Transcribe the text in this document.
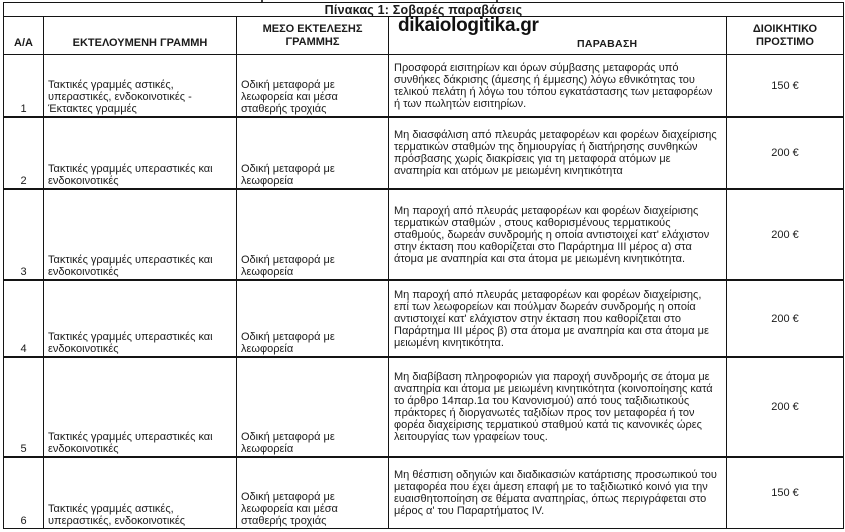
Πίνακας 1: Σοβαρές παραβάσεις
Α/Α	ΕΚΤΕΛΟΥΜΕΝΗ ΓΡΑΜΜΗ
ΜΕΣΟ ΕΚΤΕΛΕΣΗΣ ΓΡΑΜΜΗΣ
dikaiologitika.gr
ΠΑΡΑΒΑΣΗ
ΔΙΟΙΚΗΤΙΚΟ ΠΡΟΣΤΙΜΟ
1
Τακτικές γραμμές αστικές, υπεραστικές, ενδοκοινοτικές - Έκτακτες γραμμές
Οδική μεταφορά με λεωφορεία και μέσα σταθερής τροχιάς
Προσφορά εισιτηρίων και όρων σύμβασης μεταφοράς υπό συνθήκες δάκρισης (άμεσης ή έμμεσης) λόγω εθνικότητας του τελικού πελάτη ή λόγω του τόπου εγκατάστασης των μεταφορέων ή των πωλητών εισιτηρίων.
150 €
2
Τακτικές γραμμές υπεραστικές και ενδοκοινοτικές
Οδική μεταφορά με λεωφορεία
Μη διασφάλιση από πλευράς μεταφορέων και φορέων διαχείρισης τερματικών σταθμών της δημιουργίας ή διατήρησης συνθηκών πρόσβασης χωρίς διακρίσεις για τη μεταφορά ατόμων με αναπηρία και ατόμων με μειωμένη κινητικότητα
200 €
3
Τακτικές γραμμές υπεραστικές και ενδοκοινοτικές
Οδική μεταφορά με λεωφορεία
Μη παροχή από πλευράς μεταφορέων και φορέων διαχείρισης τερματικών σταθμών , στους καθορισμένους τερματικούς σταθμούς, δωρεάν συνδρομής η οποία αντιστοιχεί κατ' ελάχιστον στην έκταση που καθορίζεται στο Παράρτημα ΙΙΙ μέρος α) στα άτομα με αναπηρία και στα άτομα με μειωμένη κινητικότητα.
200 €
4
Τακτικές γραμμές υπεραστικές και ενδοκοινοτικές
Οδική μεταφορά με λεωφορεία
Μη παροχή από πλευράς μεταφορέων και φορέων διαχείρισης, επί των λεωφορείων και πούλμαν δωρεάν συνδρομής η οποία αντιστοιχεί κατ' ελάχιστον στην έκταση που καθορίζεται στο Παράρτημα ΙΙΙ μέρος β) στα άτομα με αναπηρία και στα άτομα με μειωμένη κινητικότητα.
200 €
5
Τακτικές γραμμές υπεραστικές και ενδοκοινοτικές
Οδική μεταφορά με λεωφορεία
Μη διαβίβαση πληροφοριών για παροχή συνδρομής σε άτομα με αναπηρία και άτομα με μειωμένη κινητικότητα (κοινοποίησης κατά το άρθρο 14παρ.1α του Κανονισμού) από τους ταξιδιωτικούς πράκτορες ή διοργανωτές ταξιδίων προς τον μεταφορέα ή τον φορέα διαχείρισης τερματικού σταθμού κατά τις κανονικές ώρες λειτουργίας των γραφείων τους.
200 €
6
Τακτικές γραμμές αστικές, υπεραστικές, ενδοκοινοτικές
Οδική μεταφορά με λεωφορεία και μέσα σταθερής τροχιάς
Μη θέσπιση οδηγιών και διαδικασιών κατάρτισης προσωπικού του μεταφορέα που έχει άμεση επαφή με το ταξιδιωτικό κοινό για την ευαισθητοποίηση σε θέματα αναπηρίας, όπως περιγράφεται στο μέρος α' του Παραρτήματος IV.
150 €
